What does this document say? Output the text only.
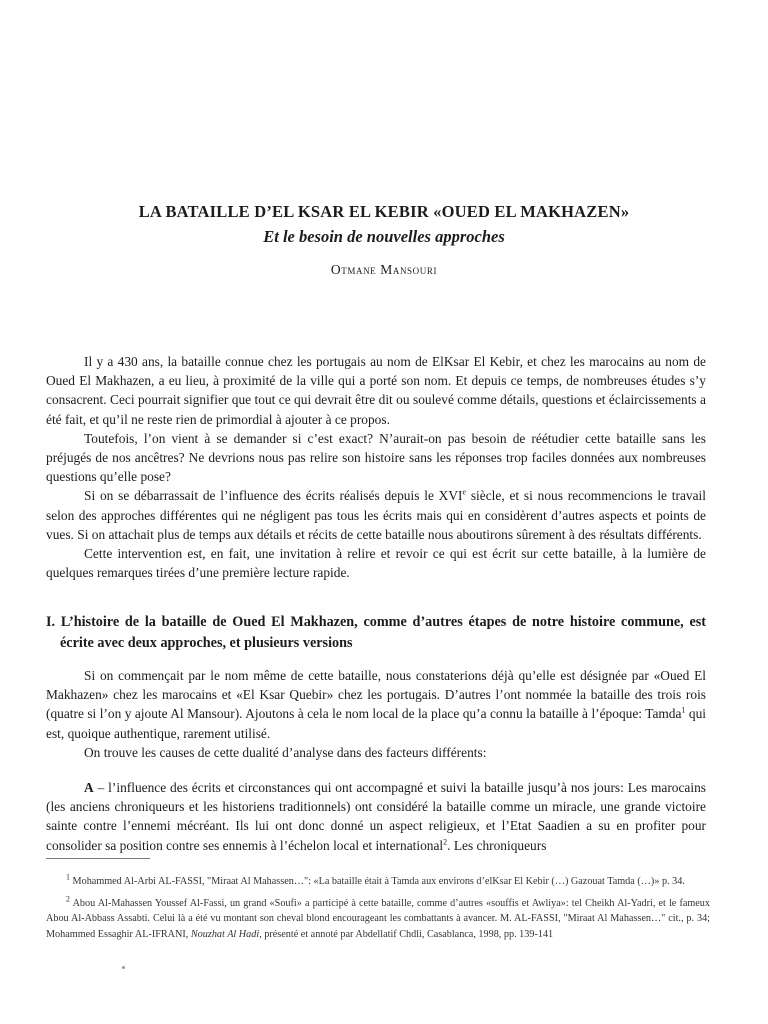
LA BATAILLE D’EL KSAR EL KEBIR «OUED EL MAKHAZEN»
Et le besoin de nouvelles approches
Otmane Mansouri

Il y a 430 ans, la bataille connue chez les portugais au nom de ElKsar El Kebir, et chez les marocains au nom de Oued El Makhazen, a eu lieu, à proximité de la ville qui a porté son nom. Et depuis ce temps, de nombreuses études s’y consacrent. Ceci pourrait signifier que tout ce qui devrait être dit ou soulevé comme détails, questions et éclaircissements a été fait, et qu’il ne reste rien de primordial à ajouter à ce propos.

Toutefois, l’on vient à se demander si c’est exact? N’aurait-on pas besoin de réétudier cette bataille sans les préjugés de nos ancêtres? Ne devrions nous pas relire son histoire sans les réponses trop faciles données aux nombreuses questions qu’elle pose?

Si on se débarrassait de l’influence des écrits réalisés depuis le XVIe siècle, et si nous recommencions le travail selon des approches différentes qui ne négligent pas tous les écrits mais qui en considèrent d’autres aspects et points de vues. Si on attachait plus de temps aux détails et récits de cette bataille nous aboutirons sûrement à des résultats différents.

Cette intervention est, en fait, une invitation à relire et revoir ce qui est écrit sur cette bataille, à la lumière de quelques remarques tirées d’une première lecture rapide.

I. L’histoire de la bataille de Oued El Makhazen, comme d’autres étapes de notre histoire commune, est écrite avec deux approches, et plusieurs versions

Si on commençait par le nom même de cette bataille, nous constaterions déjà qu’elle est désignée par «Oued El Makhazen» chez les marocains et «El Ksar Quebir» chez les portugais. D’autres l’ont nommée la bataille des trois rois (quatre si l’on y ajoute Al Mansour). Ajoutons à cela le nom local de la place qu’a connu la bataille à l’époque: Tamda$^1$ qui est, quoique authentique, rarement utilisé.

On trouve les causes de cette dualité d’analyse dans des facteurs différents:

A – l’influence des écrits et circonstances qui ont accompagné et suivi la bataille jusqu’à nos jours: Les marocains (les anciens chroniqueurs et les historiens traditionnels) ont considéré la bataille comme un miracle, une grande victoire sainte contre l’ennemi mécréant. Ils lui ont donc donné un aspect religieux, et l’Etat Saadien a su en profiter pour consolider sa position contre ses ennemis à l’échelon local et international$^2$. Les chroniqueurs

$^1$ Mohammed Al-Arbi AL-FASSI, "Miraat Al Mahassen…": «La bataille était à Tamda aux environs d’elKsar El Kebir (…) Gazouat Tamda (…)» p. 34.

$^2$ Abou Al-Mahassen Youssef Al-Fassi, un grand «Soufi» a participé à cette bataille, comme d’autres «souffis et Awliya»: tel Cheikh Al-Yadri, et le fameux Abou Al-Abbass Assabti. Celui là a été vu montant son cheval blond encourageant les combattants à avancer. M. AL-FASSI, "Miraat Al Mahassen…" cit., p. 34; Mohammed Essaghir AL-IFRANI, Nouzhat Al Hadi, présenté et annoté par Abdellatif Chdli, Casablanca, 1998, pp. 139-141
